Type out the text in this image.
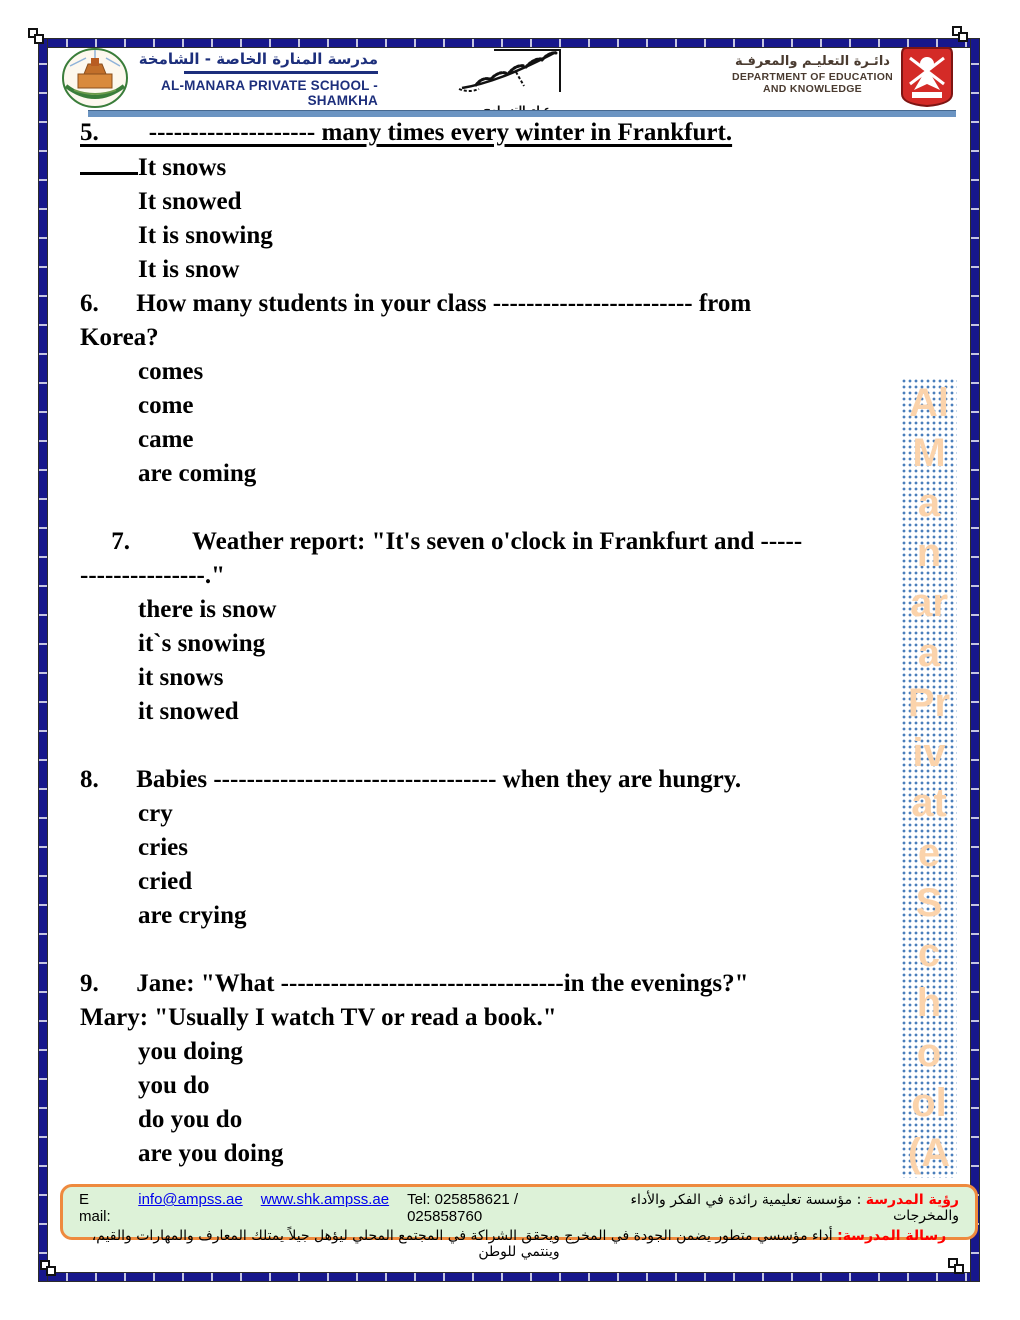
مدرسة المنارة الخاصة - الشامخة
AL-MANARA PRIVATE SCHOOL - SHAMKHA
دائـرة التعليـم والمعرفـة
DEPARTMENT OF EDUCATION
AND KNOWLEDGE
Al
M
a
n
ar
a
Pr
iv
at
e
S
c
h
o
ol
(A
5.        -------------------- many times every winter in Frankfurt.
It snows
It snowed
It is snowing
It is snow
6.      How many students in your class ------------------------ from
Korea?
comes
come
came
are coming
7.          Weather report: "It's seven o'clock in Frankfurt and -----
---------------."
there is snow
it`s snowing
it snows
it snowed
8.      Babies ---------------------------------- when they are hungry.
cry
cries
cried
are crying
9.      Jane: "What ----------------------------------in the evenings?"
Mary: "Usually I watch TV or read a book."
you doing
you do
do you do
are you doing
E mail:
info@ampss.ae www.shk.ampss.ae Tel: 025858621 / 025858760
رؤية المدرسة : مؤسسة تعليمية رائدة في الفكر والأداء والمخرجات
رسالة المدرسة: أداء مؤسسي متطور يضمن الجودة في المخرج ويحقق الشراكة في المجتمع المحلي ليؤهل جيلاً يمتلك المعارف والمهارات والقيم، وينتمي للوطن
